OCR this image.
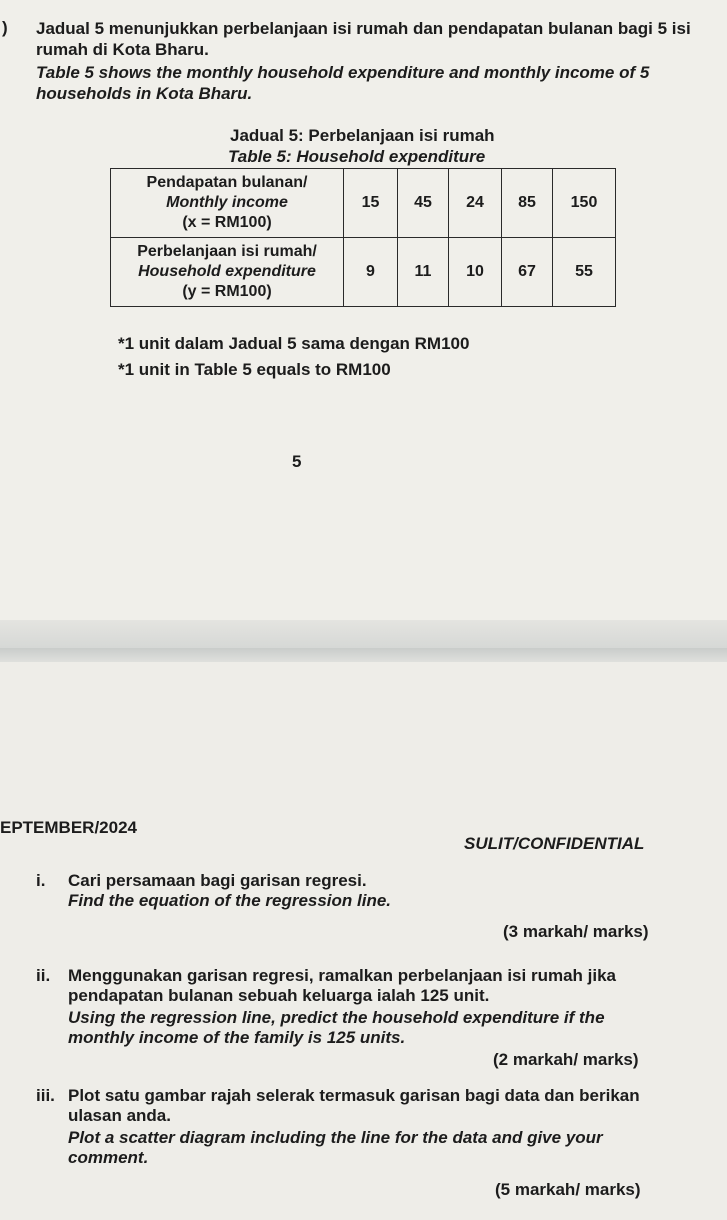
) Jadual 5 menunjukkan perbelanjaan isi rumah dan pendapatan bulanan bagi 5 isi rumah di Kota Bharu.
Table 5 shows the monthly household expenditure and monthly income of 5 households in Kota Bharu.
Jadual 5: Perbelanjaan isi rumah
Table 5: Household expenditure
Pendapatan bulanan/
Monthly income
(x = RM100)	15	45	24	85	150

Perbelanjaan isi rumah/
Household expenditure
(y = RM100)	9	11	10	67	55
*1 unit dalam Jadual 5 sama dengan RM100
*1 unit in Table 5 equals to RM100
5
EPTEMBER/2024
SULIT/CONFIDENTIAL
i. Cari persamaan bagi garisan regresi.
Find the equation of the regression line.
(3 markah/ marks)
ii. Menggunakan garisan regresi, ramalkan perbelanjaan isi rumah jika pendapatan bulanan sebuah keluarga ialah 125 unit.
Using the regression line, predict the household expenditure if the monthly income of the family is 125 units.
(2 markah/ marks)
iii. Plot satu gambar rajah selerak termasuk garisan bagi data dan berikan ulasan anda.
Plot a scatter diagram including the line for the data and give your comment.
(5 markah/ marks)
